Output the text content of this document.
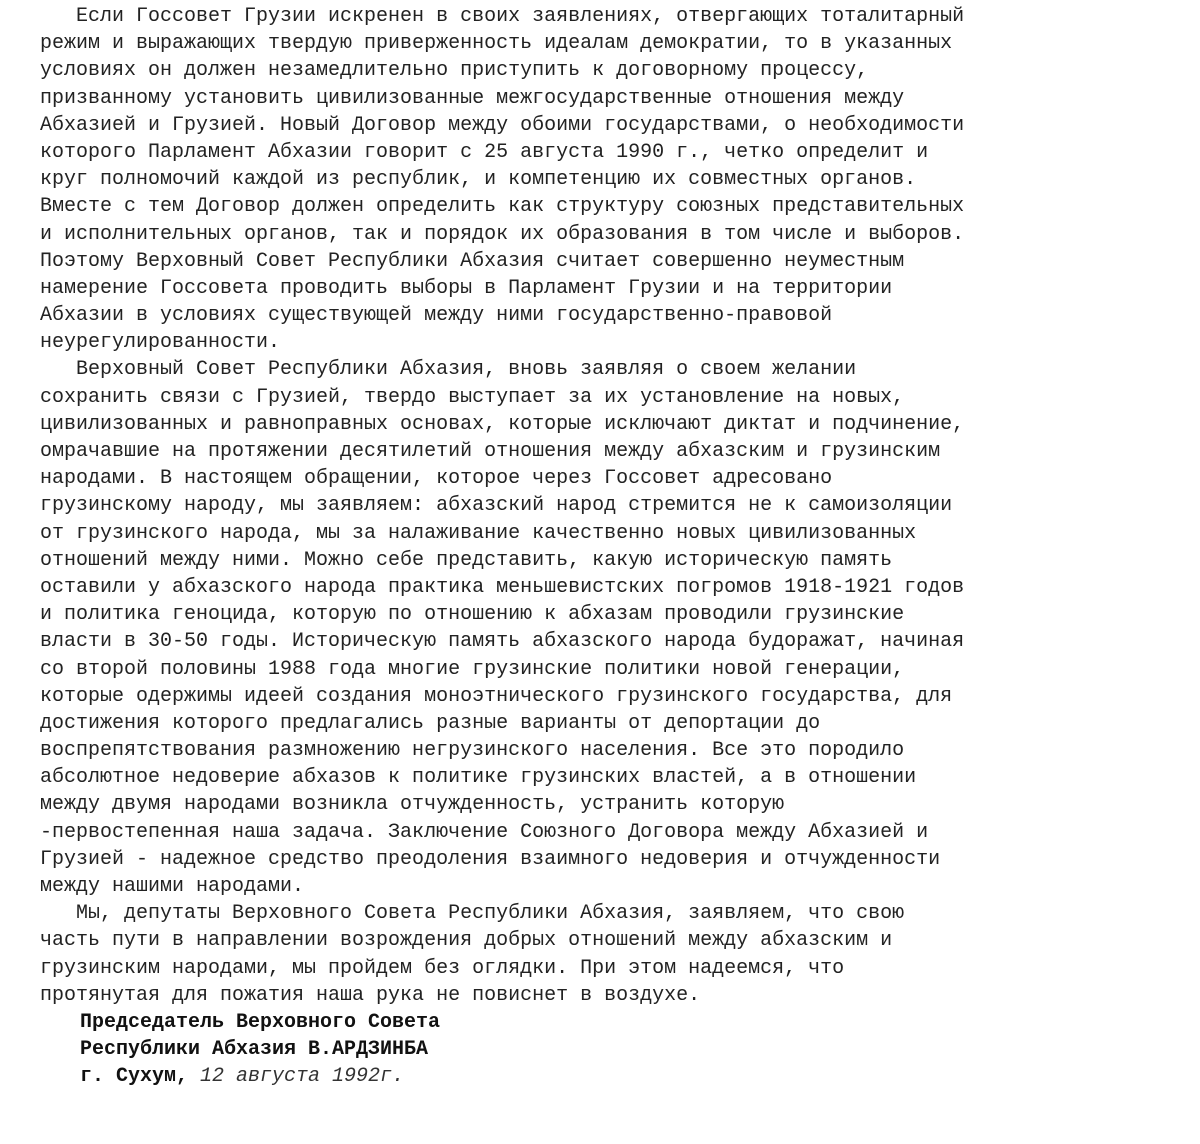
Если Госсовет Грузии искренен в своих заявлениях, отвергающих тоталитарный
режим и выражающих твердую приверженность идеалам демократии, то в указанных
условиях он должен незамедлительно приступить к договорному процессу,
призванному установить цивилизованные межгосударственные отношения между
Абхазией и Грузией. Новый Договор между обоими государствами, о необходимости
которого Парламент Абхазии говорит с 25 августа 1990 г., четко определит и
круг полномочий каждой из республик, и компетенцию их совместных органов.
Вместе с тем Договор должен определить как структуру союзных представительных
и исполнительных органов, так и порядок их образования в том числе и выборов.
Поэтому Верховный Совет Республики Абхазия считает совершенно неуместным
намерение Госсовета проводить выборы в Парламент Грузии и на территории
Абхазии в условиях существующей между ними государственно-правовой
неурегулированности.
Верховный Совет Республики Абхазия, вновь заявляя о своем желании
сохранить связи с Грузией, твердо выступает за их установление на новых,
цивилизованных и равноправных основах, которые исключают диктат и подчинение,
омрачавшие на протяжении десятилетий отношения между абхазским и грузинским
народами. В настоящем обращении, которое через Госсовет адресовано
грузинскому народу, мы заявляем: абхазский народ стремится не к самоизоляции
от грузинского народа, мы за налаживание качественно новых цивилизованных
отношений между ними. Можно себе представить, какую историческую память
оставили у абхазского народа практика меньшевистских погромов 1918-1921 годов
и политика геноцида, которую по отношению к абхазам проводили грузинские
власти в 30-50 годы. Историческую память абхазского народа будоражат, начиная
со второй половины 1988 года многие грузинские политики новой генерации,
которые одержимы идеей создания моноэтнического грузинского государства, для
достижения которого предлагались разные варианты от депортации до
воспрепятствования размножению негрузинского населения. Все это породило
абсолютное недоверие абхазов к политике грузинских властей, а в отношении
между двумя народами возникла отчужденность, устранить которую
-первостепенная наша задача. Заключение Союзного Договора между Абхазией и
Грузией - надежное средство преодоления взаимного недоверия и отчужденности
между нашими народами.
Мы, депутаты Верховного Совета Республики Абхазия, заявляем, что свою
часть пути в направлении возрождения добрых отношений между абхазским и
грузинским народами, мы пройдем без оглядки. При этом надеемся, что
протянутая для пожатия наша рука не повиснет в воздухе.
Председатель Верховного Совета
Республики Абхазия В.АРДЗИНБА
г. Сухум, 12 августа 1992г.
